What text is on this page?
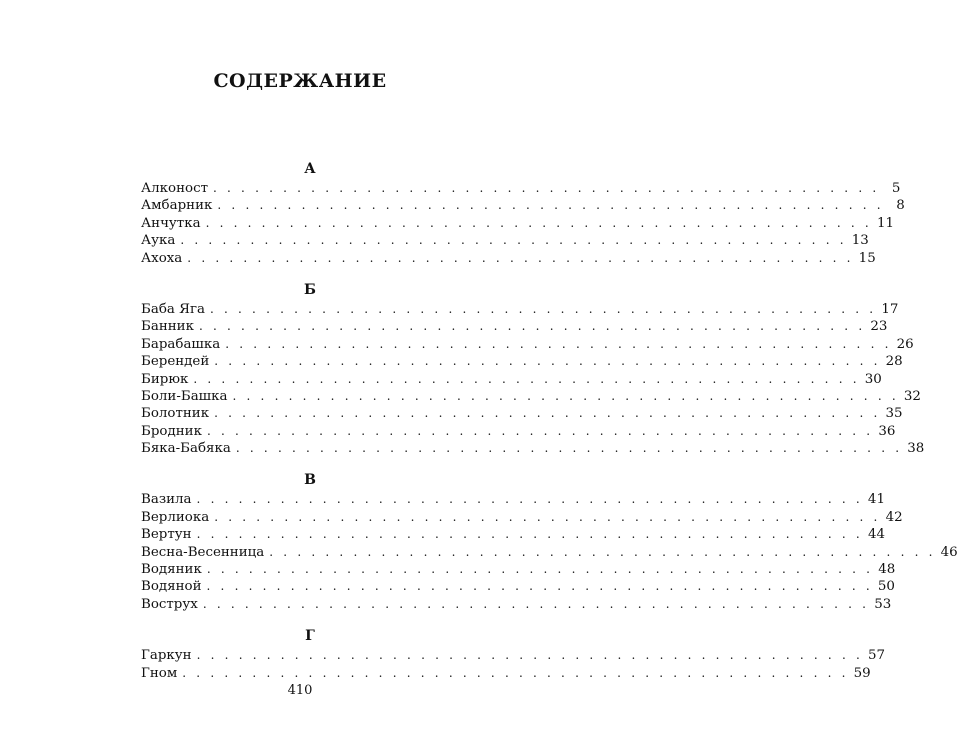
СОДЕРЖАНИЕ
А
Алконост . . . . . . . . . . . . . . . . . . . . . . . . . . . . . . . . . . . . . . . . . . . . . . . . 5
Амбарник . . . . . . . . . . . . . . . . . . . . . . . . . . . . . . . . . . . . . . . . . . . . . . . . 8
Анчутка . . . . . . . . . . . . . . . . . . . . . . . . . . . . . . . . . . . . . . . . . . . . . . . . 11
Аука . . . . . . . . . . . . . . . . . . . . . . . . . . . . . . . . . . . . . . . . . . . . . . . . 13
Ахоха . . . . . . . . . . . . . . . . . . . . . . . . . . . . . . . . . . . . . . . . . . . . . . . . 15
Б
Баба Яга . . . . . . . . . . . . . . . . . . . . . . . . . . . . . . . . . . . . . . . . . . . . . . . . 17
Банник . . . . . . . . . . . . . . . . . . . . . . . . . . . . . . . . . . . . . . . . . . . . . . . . 23
Барабашка . . . . . . . . . . . . . . . . . . . . . . . . . . . . . . . . . . . . . . . . . . . . . . . . 26
Берендей . . . . . . . . . . . . . . . . . . . . . . . . . . . . . . . . . . . . . . . . . . . . . . . . 28
Бирюк . . . . . . . . . . . . . . . . . . . . . . . . . . . . . . . . . . . . . . . . . . . . . . . . 30
Боли-Башка . . . . . . . . . . . . . . . . . . . . . . . . . . . . . . . . . . . . . . . . . . . . . . . . 32
Болотник . . . . . . . . . . . . . . . . . . . . . . . . . . . . . . . . . . . . . . . . . . . . . . . . 35
Бродник . . . . . . . . . . . . . . . . . . . . . . . . . . . . . . . . . . . . . . . . . . . . . . . . 36
Бяка-Бабяка . . . . . . . . . . . . . . . . . . . . . . . . . . . . . . . . . . . . . . . . . . . . . . . . 38
В
Вазила . . . . . . . . . . . . . . . . . . . . . . . . . . . . . . . . . . . . . . . . . . . . . . . . 41
Верлиока . . . . . . . . . . . . . . . . . . . . . . . . . . . . . . . . . . . . . . . . . . . . . . . . 42
Вертун . . . . . . . . . . . . . . . . . . . . . . . . . . . . . . . . . . . . . . . . . . . . . . . . 44
Весна-Весенница . . . . . . . . . . . . . . . . . . . . . . . . . . . . . . . . . . . . . . . . . . . . . . . . 46
Водяник . . . . . . . . . . . . . . . . . . . . . . . . . . . . . . . . . . . . . . . . . . . . . . . . 48
Водяной . . . . . . . . . . . . . . . . . . . . . . . . . . . . . . . . . . . . . . . . . . . . . . . . 50
Вострух . . . . . . . . . . . . . . . . . . . . . . . . . . . . . . . . . . . . . . . . . . . . . . . . 53
Г
Гаркун . . . . . . . . . . . . . . . . . . . . . . . . . . . . . . . . . . . . . . . . . . . . . . . . 57
Гном . . . . . . . . . . . . . . . . . . . . . . . . . . . . . . . . . . . . . . . . . . . . . . . . 59
410
